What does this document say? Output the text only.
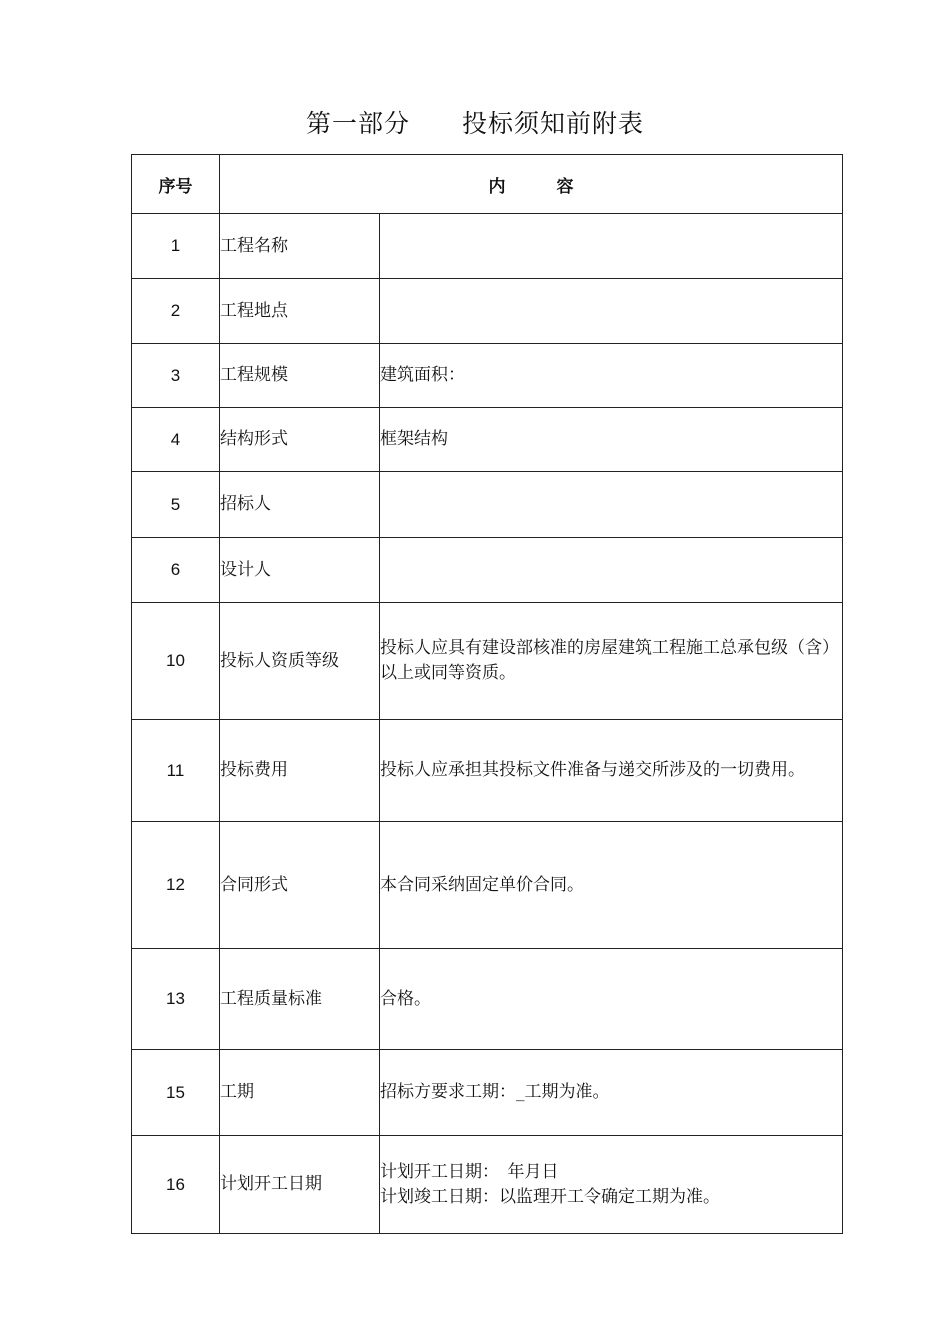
第一部分　　投标须知前附表
序号	内　　　容	
1	工程名称	
2	工程地点	
3	工程规模	建筑面积：
4	结构形式	框架结构
5	招标人	
6	设计人	
10	投标人资质等级	投标人应具有建设部核准的房屋建筑工程施工总承包级（含）以上或同等资质。
11	投标费用	投标人应承担其投标文件准备与递交所涉及的一切费用。
12	合同形式	本合同采纳固定单价合同。
13	工程质量标准	合格。
15	工期	招标方要求工期：_工期为准。
16	计划开工日期	计划开工日期：　年月日
计划竣工日期：以监理开工令确定工期为准。
